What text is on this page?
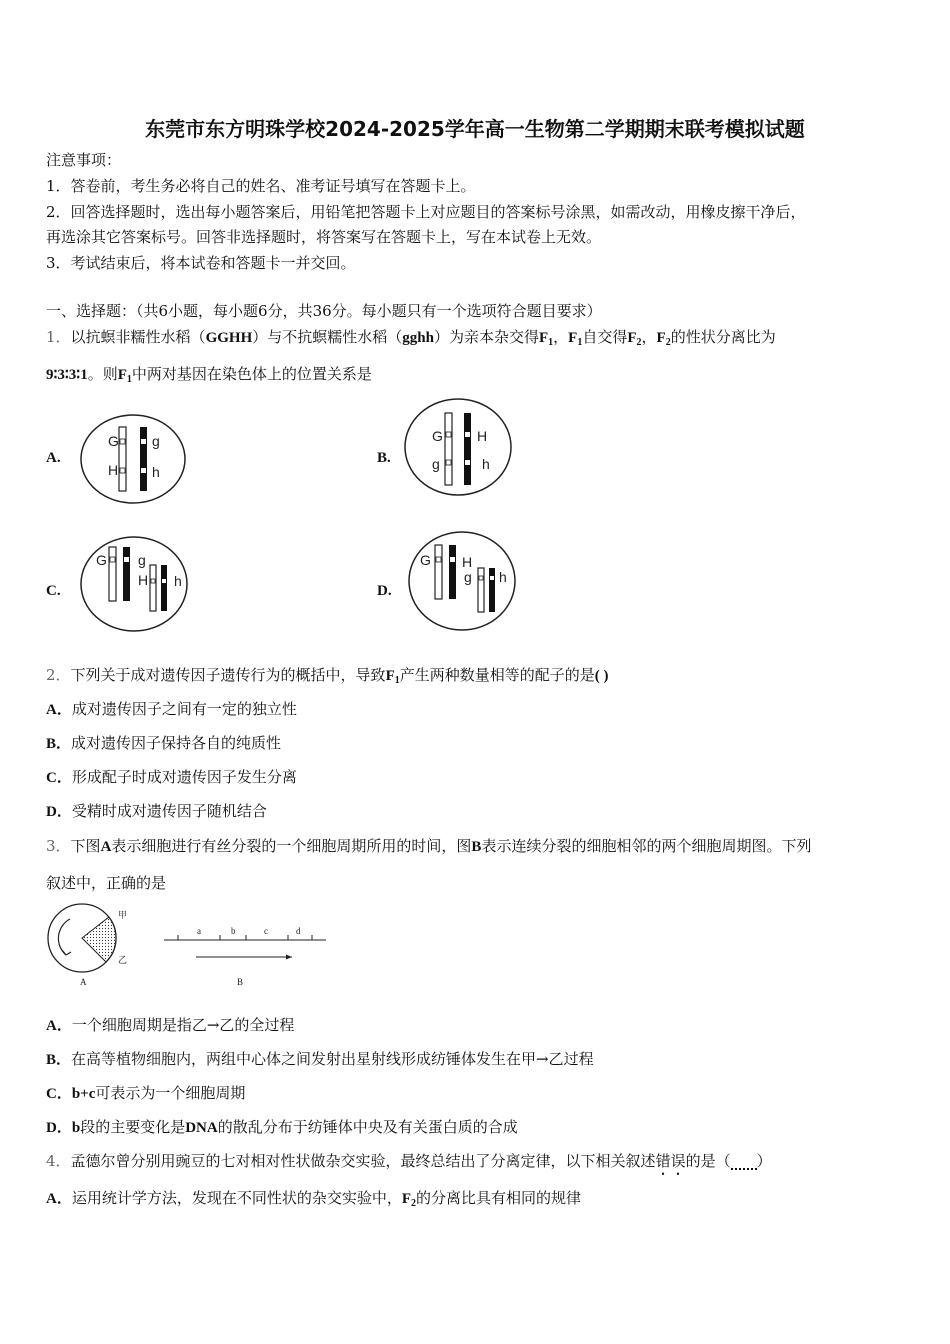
东莞市东方明珠学校2024-2025学年高一生物第二学期期末联考模拟试题
注意事项：
1．答卷前，考生务必将自己的姓名、准考证号填写在答题卡上。
2．回答选择题时，选出每小题答案后，用铅笔把答题卡上对应题目的答案标号涂黑，如需改动，用橡皮擦干净后，
再选涂其它答案标号。回答非选择题时，将答案写在答题卡上，写在本试卷上无效。
3．考试结束后，将本试卷和答题卡一并交回。
一、选择题：（共6小题，每小题6分，共36分。每小题只有一个选项符合题目要求）
1．以抗螟非糯性水稻（GGHH）与不抗螟糯性水稻（gghh）为亲本杂交得$F_1$，$F_1$自交得$F_2$，$F_2$的性状分离比为
9∶3∶3∶1。则$F_1$中两对基因在染色体上的位置关系是
A.
G
H
g
h
B.
G
g
H
h
C.
G g
H h
D.
G H
g h
2．下列关于成对遗传因子遗传行为的概括中，导致$F_1$产生两种数量相等的配子的是( )
A．成对遗传因子之间有一定的独立性
B．成对遗传因子保持各自的纯质性
C．形成配子时成对遗传因子发生分离
D．受精时成对遗传因子随机结合
3．下图A表示细胞进行有丝分裂的一个细胞周期所用的时间，图B表示连续分裂的细胞相邻的两个细胞周期图。下列
叙述中，正确的是
甲
乙
A
a	b	c	d
B
A．一个细胞周期是指乙→乙的全过程
B．在高等植物细胞内，两组中心体之间发射出星射线形成纺锤体发生在甲→乙过程
C．b+c可表示为一个细胞周期
D．b段的主要变化是DNA的散乱分布于纺锤体中央及有关蛋白质的合成
4．孟德尔曾分别用豌豆的七对相对性状做杂交实验，最终总结出了分离定律，以下相关叙述错误的是（ ）
A．运用统计学方法，发现在不同性状的杂交实验中，$F_2$的分离比具有相同的规律
